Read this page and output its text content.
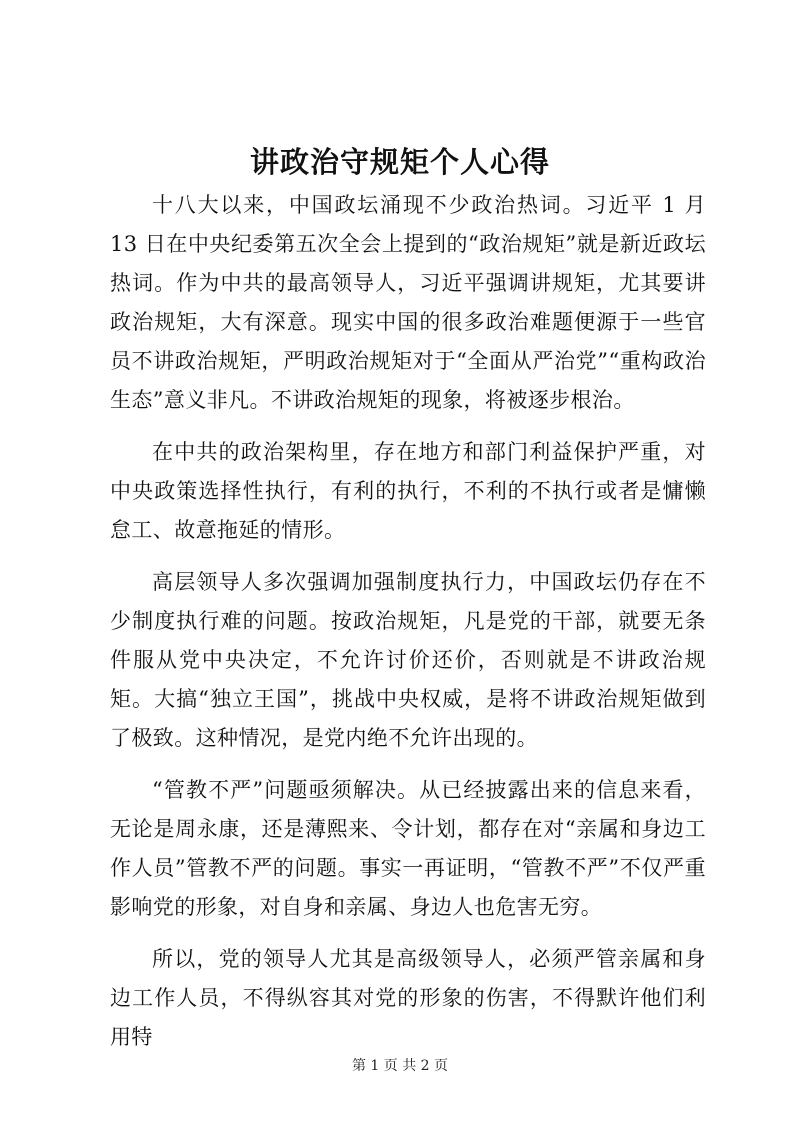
讲政治守规矩个人心得

十八大以来，中国政坛涌现不少政治热词。习近平 1 月 13 日在中央纪委第五次全会上提到的“政治规矩”就是新近政坛热词。作为中共的最高领导人，习近平强调讲规矩，尤其要讲政治规矩，大有深意。现实中国的很多政治难题便源于一些官员不讲政治规矩，严明政治规矩对于“全面从严治党”“重构政治生态”意义非凡。不讲政治规矩的现象，将被逐步根治。

在中共的政治架构里，存在地方和部门利益保护严重，对中央政策选择性执行，有利的执行，不利的不执行或者是慵懒怠工、故意拖延的情形。

高层领导人多次强调加强制度执行力，中国政坛仍存在不少制度执行难的问题。按政治规矩，凡是党的干部，就要无条件服从党中央决定，不允许讨价还价，否则就是不讲政治规矩。大搞“独立王国”，挑战中央权威，是将不讲政治规矩做到了极致。这种情况，是党内绝不允许出现的。

“管教不严”问题亟须解决。从已经披露出来的信息来看，无论是周永康，还是薄熙来、令计划，都存在对“亲属和身边工作人员”管教不严的问题。事实一再证明，“管教不严”不仅严重影响党的形象，对自身和亲属、身边人也危害无穷。

所以，党的领导人尤其是高级领导人，必须严管亲属和身边工作人员，不得纵容其对党的形象的伤害，不得默许他们利用特

第 1 页 共 2 页
